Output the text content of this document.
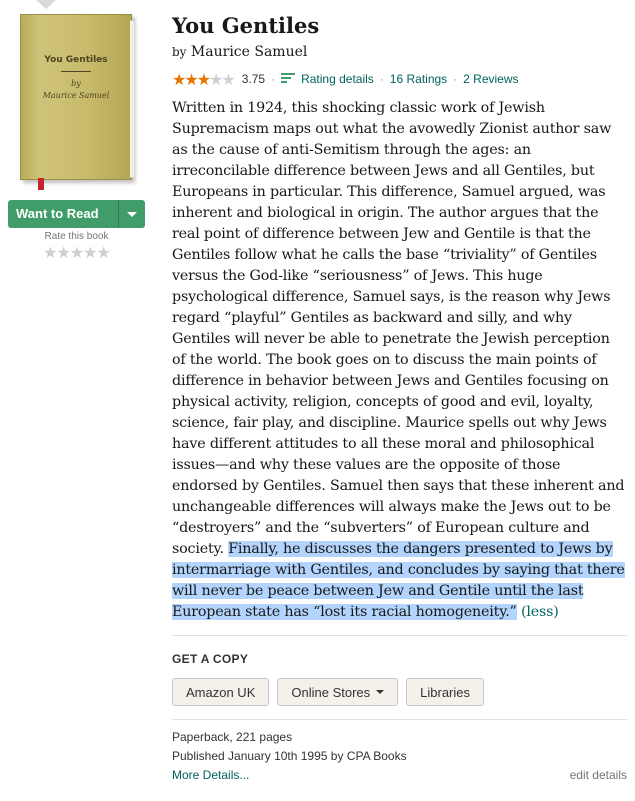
You Gentiles
by
Maurice Samuel
Want to Read
Rate this book
★★★★★
You Gentiles
by Maurice Samuel
★★★★★ 3.75 · Rating details · 16 Ratings · 2 Reviews
Written in 1924, this shocking classic work of Jewish Supremacism maps out what the avowedly Zionist author saw as the cause of anti-Semitism through the ages: an irreconcilable difference between Jews and all Gentiles, but Europeans in particular. This difference, Samuel argued, was inherent and biological in origin. The author argues that the real point of difference between Jew and Gentile is that the Gentiles follow what he calls the base “triviality” of Gentiles versus the God-like “seriousness” of Jews. This huge psychological difference, Samuel says, is the reason why Jews regard “playful” Gentiles as backward and silly, and why Gentiles will never be able to penetrate the Jewish perception of the world. The book goes on to discuss the main points of difference in behavior between Jews and Gentiles focusing on physical activity, religion, concepts of good and evil, loyalty, science, fair play, and discipline. Maurice spells out why Jews have different attitudes to all these moral and philosophical issues—and why these values are the opposite of those endorsed by Gentiles. Samuel then says that these inherent and unchangeable differences will always make the Jews out to be “destroyers” and the “subverters” of European culture and society. Finally, he discusses the dangers presented to Jews by intermarriage with Gentiles, and concludes by saying that there will never be peace between Jew and Gentile until the last European state has “lost its racial homogeneity.” (less)
GET A COPY
Amazon UK	Online Stores	Libraries
Paperback, 221 pages
Published January 10th 1995 by CPA Books
More Details...	edit details
